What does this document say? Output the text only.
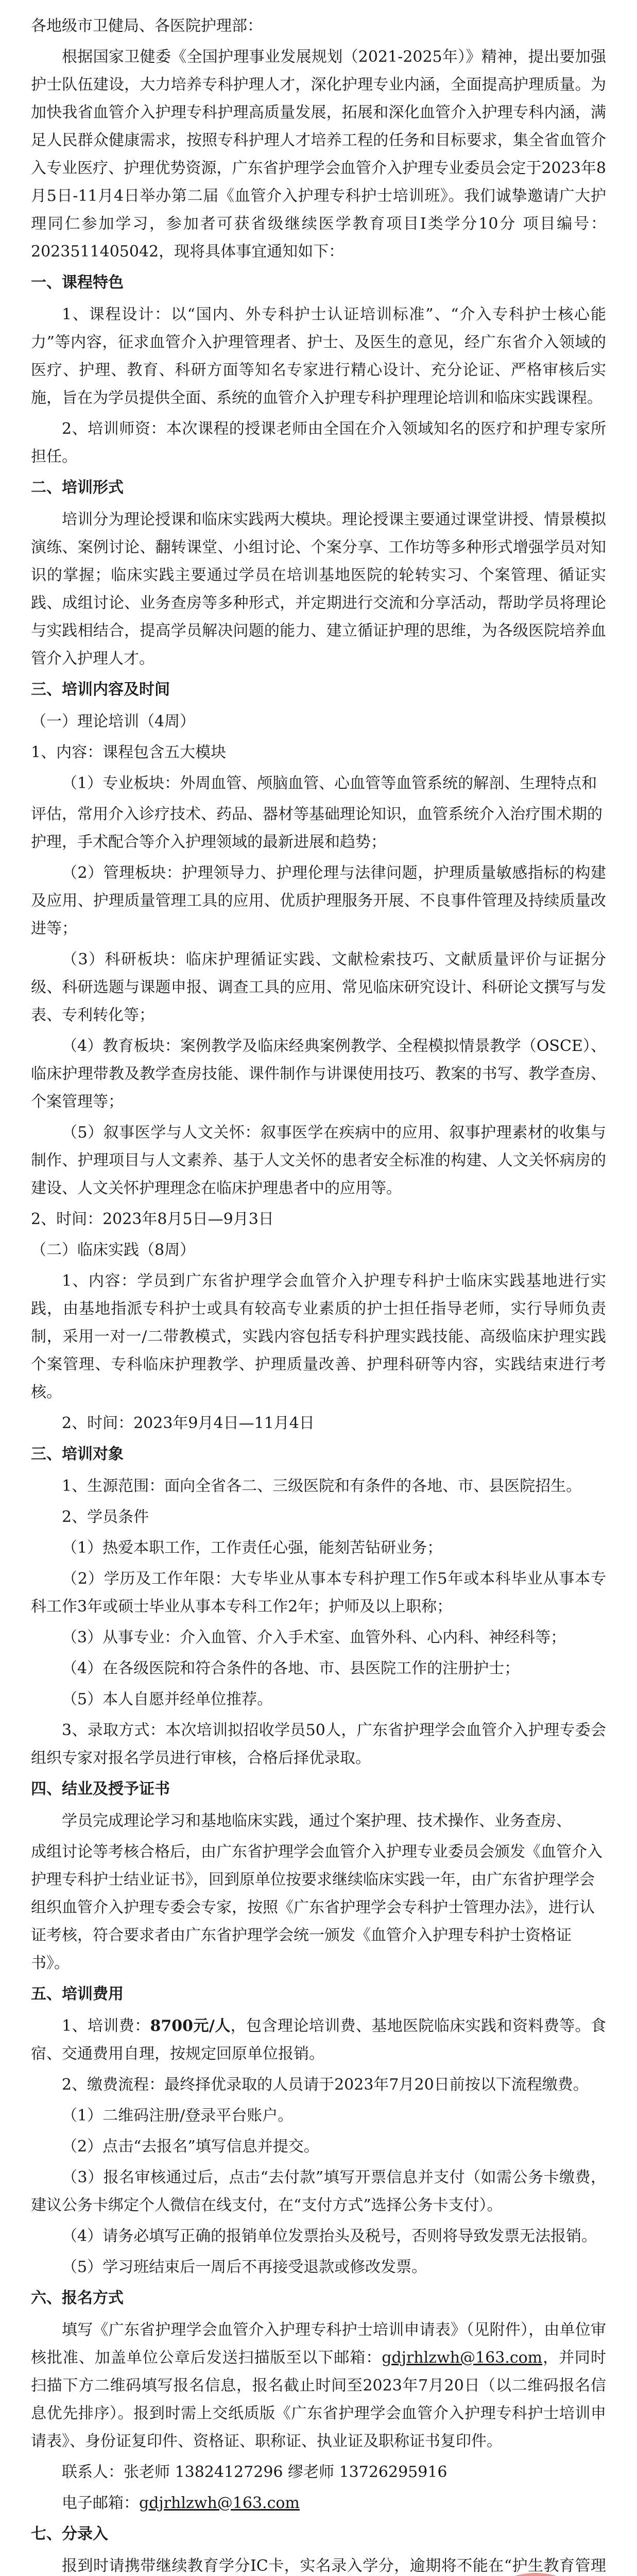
各地级市卫健局、各医院护理部：

根据国家卫健委《全国护理事业发展规划（2021-2025年）》精神，提出要加强护士队伍建设，大力培养专科护理人才，深化护理专业内涵，全面提高护理质量。为加快我省血管介入护理专科护理高质量发展，拓展和深化血管介入护理专科内涵，满足人民群众健康需求，按照专科护理人才培养工程的任务和目标要求，集全省血管介入专业医疗、护理优势资源，广东省护理学会血管介入护理专业委员会定于2023年8月5日-11月4日举办第二届《血管介入护理专科护士培训班》。我们诚挚邀请广大护理同仁参加学习，参加者可获省级继续医学教育项目Ⅰ类学分10分 项目编号：2023511405042，现将具体事宜通知如下：

一、课程特色

1、课程设计：以“国内、外专科护士认证培训标准”、“介入专科护士核心能力”等内容，征求血管介入护理管理者、护士、及医生的意见，经广东省介入领域的医疗、护理、教育、科研方面等知名专家进行精心设计、充分论证、严格审核后实施，旨在为学员提供全面、系统的血管介入护理专科护理理论培训和临床实践课程。

2、培训师资：本次课程的授课老师由全国在介入领域知名的医疗和护理专家所担任。

二、培训形式

培训分为理论授课和临床实践两大模块。理论授课主要通过课堂讲授、情景模拟演练、案例讨论、翻转课堂、小组讨论、个案分享、工作坊等多种形式增强学员对知识的掌握；临床实践主要通过学员在培训基地医院的轮转实习、个案管理、循证实践、成组讨论、业务查房等多种形式，并定期进行交流和分享活动，帮助学员将理论与实践相结合，提高学员解决问题的能力、建立循证护理的思维，为各级医院培养血管介入护理人才。

三、培训内容及时间

（一）理论培训（4周）

1、内容：课程包含五大模块

（1）专业板块：外周血管、颅脑血管、心血管等血管系统的解剖、生理特点和

评估，常用介入诊疗技术、药品、器材等基础理论知识，血管系统介入治疗围术期的护理，手术配合等介入护理领域的最新进展和趋势；

（2）管理板块：护理领导力、护理伦理与法律问题，护理质量敏感指标的构建及应用、护理质量管理工具的应用、优质护理服务开展、不良事件管理及持续质量改进等；

（3）科研板块：临床护理循证实践、文献检索技巧、文献质量评价与证据分级、科研选题与课题申报、调查工具的应用、常见临床研究设计、科研论文撰写与发表、专利转化等；

（4）教育板块：案例教学及临床经典案例教学、全程模拟情景教学（OSCE）、临床护理带教及教学查房技能、课件制作与讲课使用技巧、教案的书写、教学查房、个案管理等；

（5）叙事医学与人文关怀：叙事医学在疾病中的应用、叙事护理素材的收集与制作、护理项目与人文素养、基于人文关怀的患者安全标准的构建、人文关怀病房的建设、人文关怀护理理念在临床护理患者中的应用等。

2、时间：2023年8月5日—9月3日

（二）临床实践（8周）

1、内容：学员到广东省护理学会血管介入护理专科护士临床实践基地进行实践，由基地指派专科护士或具有较高专业素质的护士担任指导老师，实行导师负责制，采用一对一/二带教模式，实践内容包括专科护理实践技能、高级临床护理实践个案管理、专科临床护理教学、护理质量改善、护理科研等内容，实践结束进行考核。

2、时间：2023年9月4日—11月4日

三、培训对象

1、生源范围：面向全省各二、三级医院和有条件的各地、市、县医院招生。

2、学员条件

（1）热爱本职工作，工作责任心强，能刻苦钻研业务；

（2）学历及工作年限：大专毕业从事本专科护理工作5年或本科毕业从事本专科工作3年或硕士毕业从事本专科工作2年；护师及以上职称；

（3）从事专业：介入血管、介入手术室、血管外科、心内科、神经科等；

（4）在各级医院和符合条件的各地、市、县医院工作的注册护士；

（5）本人自愿并经单位推荐。

3、录取方式：本次培训拟招收学员50人，广东省护理学会血管介入护理专委会组织专家对报名学员进行审核，合格后择优录取。

四、结业及授予证书

学员完成理论学习和基地临床实践，通过个案护理、技术操作、业务查房、

成组讨论等考核合格后，由广东省护理学会血管介入护理专业委员会颁发《血管介入护理专科护士结业证书》，回到原单位按要求继续临床实践一年，由广东省护理学会组织血管介入护理专委会专家，按照《广东省护理学会专科护士管理办法》，进行认证考核，符合要求者由广东省护理学会统一颁发《血管介入护理专科护士资格证书》。

五、培训费用

1、培训费：8700元/人，包含理论培训费、基地医院临床实践和资料费等。食宿、交通费用自理，按规定回原单位报销。

2、缴费流程：最终择优录取的人员请于2023年7月20日前按以下流程缴费。

（1）二维码注册/登录平台账户。

（2）点击“去报名”填写信息并提交。

（3）报名审核通过后，点击“去付款”填写开票信息并支付（如需公务卡缴费，建议公务卡绑定个人微信在线支付，在“支付方式”选择公务卡支付）。

（4）请务必填写正确的报销单位发票抬头及税号，否则将导致发票无法报销。

（5）学习班结束后一周后不再接受退款或修改发票。

六、报名方式

填写《广东省护理学会血管介入护理专科护士培训申请表》（见附件），由单位审核批准、加盖单位公章后发送扫描版至以下邮箱：gdjrhlzwh@163.com，并同时扫描下方二维码填写报名信息，报名截止时间至2023年7月20日（以二维码报名信息优先排序）。报到时需上交纸质版《广东省护理学会血管介入护理专科护士培训申请表》、身份证复印件、资格证、职称证、执业证及职称证书复印件。

联系人：张老师 13824127296 缪老师 13726295916

电子邮箱：gdjrhlzwh@163.com

七、分录入

报到时请携带继续教育学分IC卡，实名录入学分，逾期将不能在“护生教育管理
